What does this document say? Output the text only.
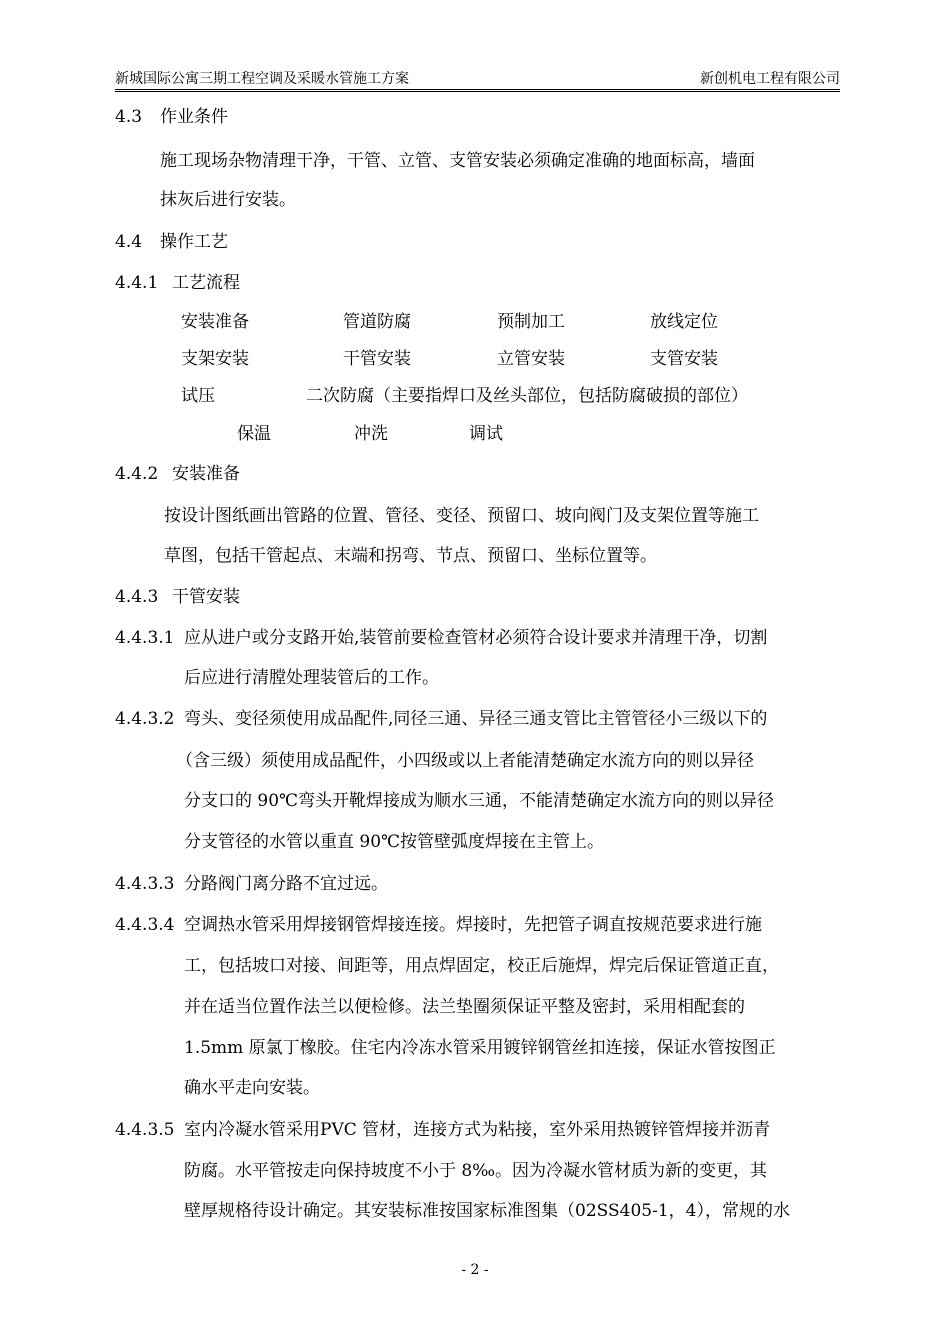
新城国际公寓三期工程空调及采暖水管施工方案	新创机电工程有限公司
4.3 作业条件
施工现场杂物清理干净，干管、立管、支管安装必须确定准确的地面标高，墙面
抹灰后进行安装。
4.4 操作工艺
4.4.1 工艺流程
安装准备	管道防腐	预制加工	放线定位
支架安装	干管安装	立管安装	支管安装
试压	二次防腐（主要指焊口及丝头部位，包括防腐破损的部位）
保温	冲洗	调试
4.4.2 安装准备
按设计图纸画出管路的位置、管径、变径、预留口、坡向阀门及支架位置等施工
草图，包括干管起点、末端和拐弯、节点、预留口、坐标位置等。
4.4.3 干管安装
4.4.3.1 应从进户或分支路开始,装管前要检查管材必须符合设计要求并清理干净，切割
后应进行清膛处理装管后的工作。
4.4.3.2 弯头、变径须使用成品配件,同径三通、异径三通支管比主管管径小三级以下的
（含三级）须使用成品配件，小四级或以上者能清楚确定水流方向的则以异径
分支口的 90℃弯头开靴焊接成为顺水三通，不能清楚确定水流方向的则以异径
分支管径的水管以重直 90℃按管壁弧度焊接在主管上。
4.4.3.3 分路阀门离分路不宜过远。
4.4.3.4 空调热水管采用焊接钢管焊接连接。焊接时，先把管子调直按规范要求进行施
工，包括坡口对接、间距等，用点焊固定，校正后施焊，焊完后保证管道正直，
并在适当位置作法兰以便检修。法兰垫圈须保证平整及密封，采用相配套的
1.5mm 原氯丁橡胶。住宅内冷冻水管采用镀锌钢管丝扣连接，保证水管按图正
确水平走向安装。
4.4.3.5 室内冷凝水管采用PVC 管材，连接方式为粘接，室外采用热镀锌管焊接并沥青
防腐。水平管按走向保持坡度不小于 8‰。因为冷凝水管材质为新的变更，其
壁厚规格待设计确定。其安装标准按国家标准图集（02SS405-1，4），常规的水
- 2 -
